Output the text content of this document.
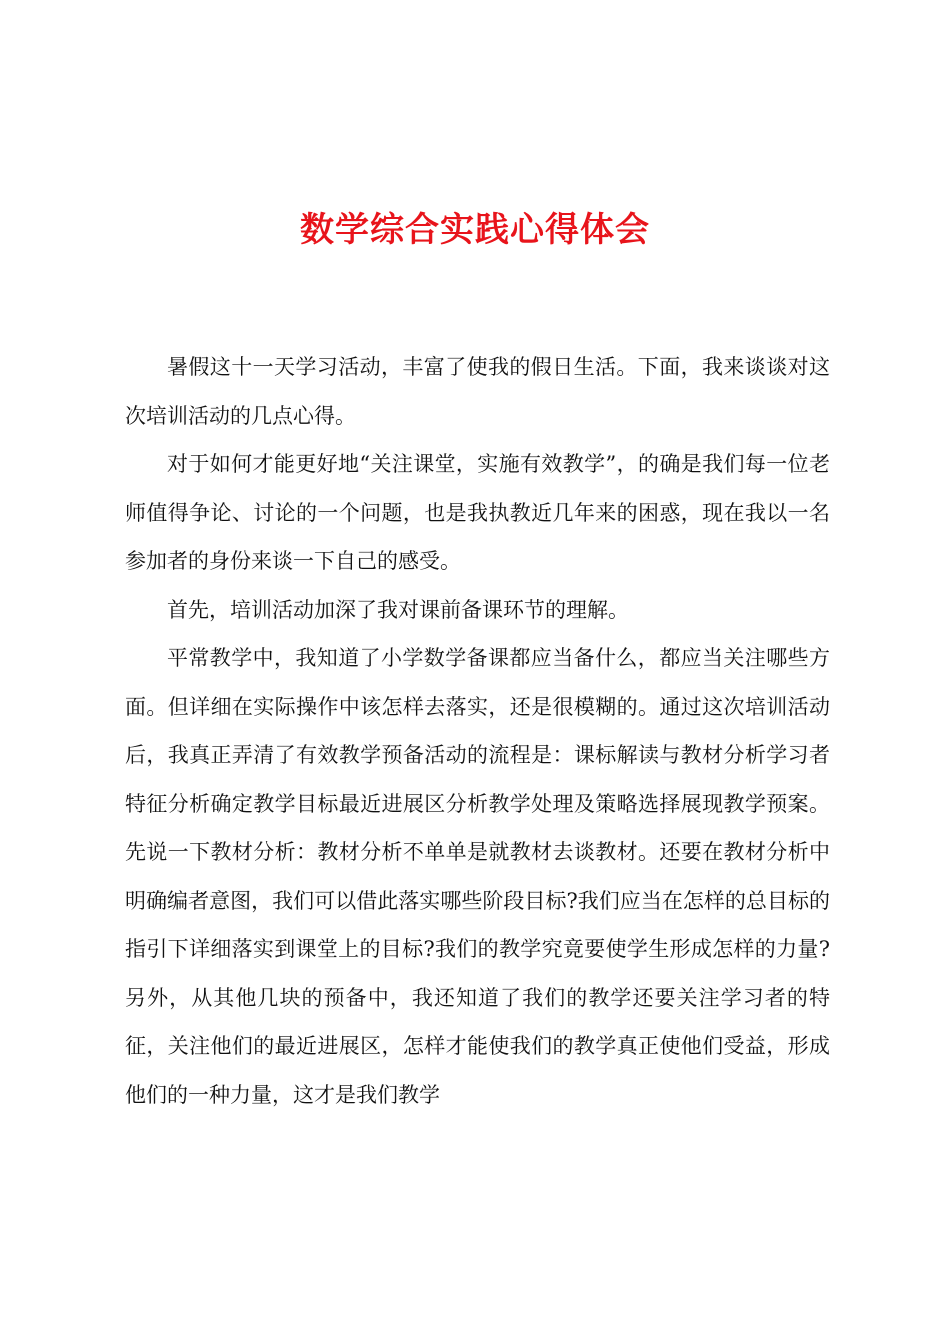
数学综合实践心得体会

暑假这十一天学习活动，丰富了使我的假日生活。下面，我来谈谈对这次培训活动的几点心得。

对于如何才能更好地“关注课堂，实施有效教学”，的确是我们每一位老师值得争论、讨论的一个问题，也是我执教近几年来的困惑，现在我以一名参加者的身份来谈一下自己的感受。

首先，培训活动加深了我对课前备课环节的理解。

平常教学中，我知道了小学数学备课都应当备什么，都应当关注哪些方面。但详细在实际操作中该怎样去落实，还是很模糊的。通过这次培训活动后，我真正弄清了有效教学预备活动的流程是：课标解读与教材分析学习者特征分析确定教学目标最近进展区分析教学处理及策略选择展现教学预案。先说一下教材分析：教材分析不单单是就教材去谈教材。还要在教材分析中明确编者意图，我们可以借此落实哪些阶段目标?我们应当在怎样的总目标的指引下详细落实到课堂上的目标?我们的教学究竟要使学生形成怎样的力量?另外，从其他几块的预备中，我还知道了我们的教学还要关注学习者的特征，关注他们的最近进展区，怎样才能使我们的教学真正使他们受益，形成他们的一种力量，这才是我们教学
